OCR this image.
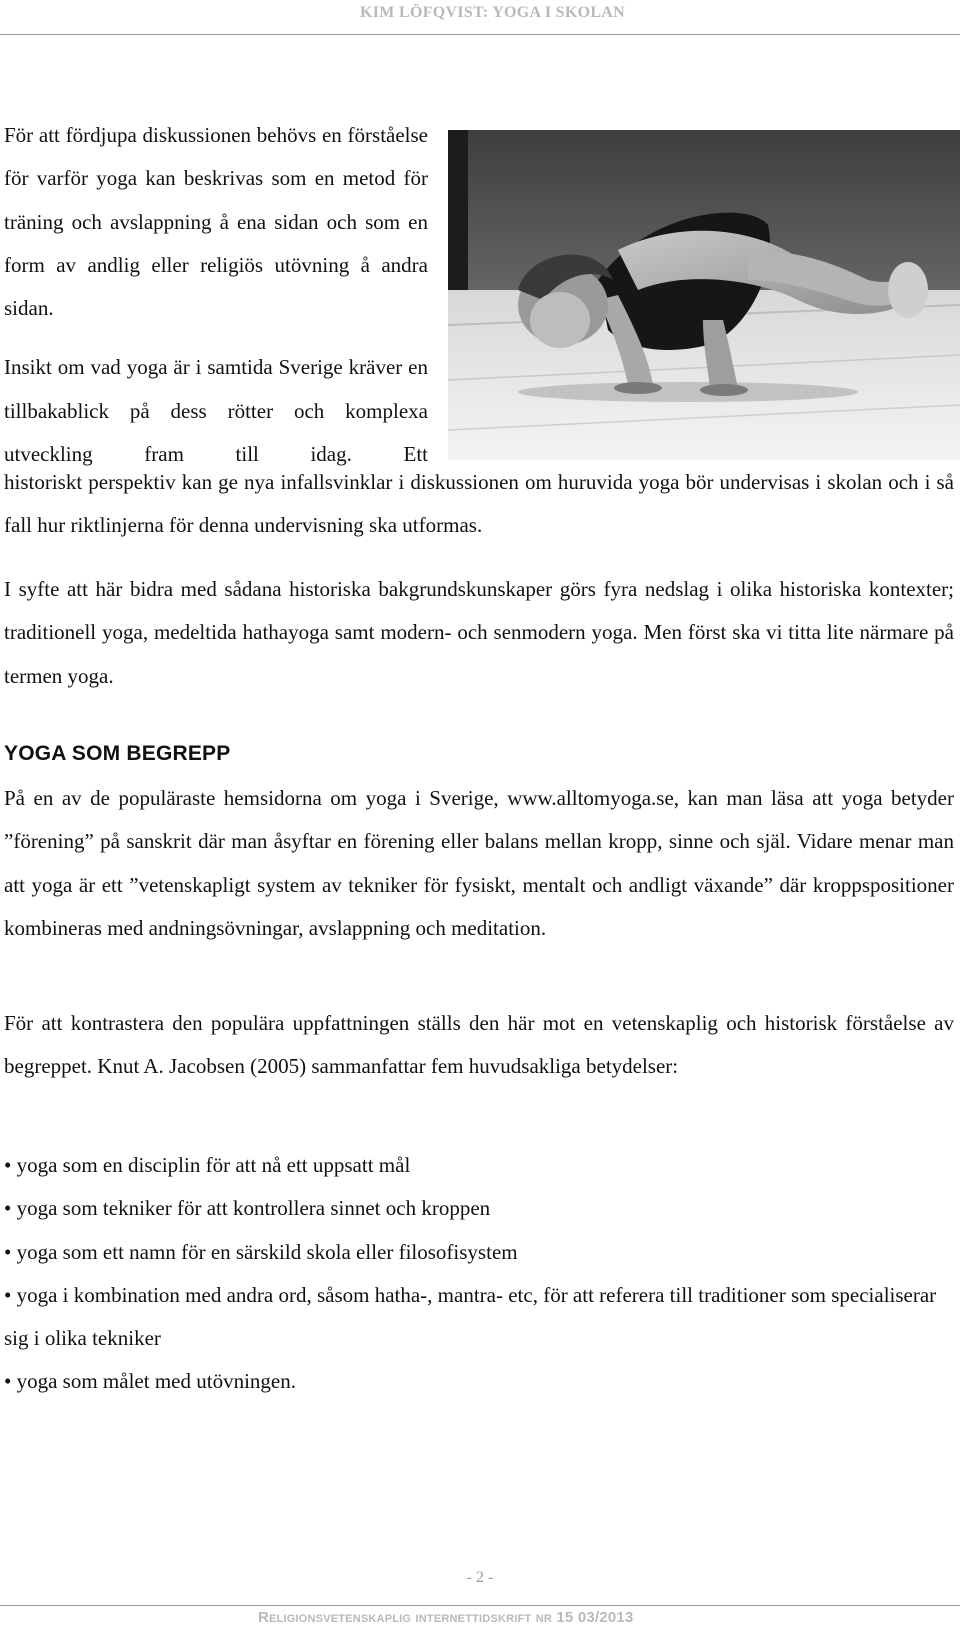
KIM LÖFQVIST: YOGA I SKOLAN

För att fördjupa diskussionen behövs en förståelse för varför yoga kan beskrivas som en metod för träning och avslappning å ena sidan och som en form av andlig eller religiös utövning å andra sidan.

Insikt om vad yoga är i samtida Sverige kräver en tillbakablick på dess rötter och komplexa utveckling fram till idag. Ett

historiskt perspektiv kan ge nya infallsvinklar i diskussionen om huruvida yoga bör undervisas i skolan och i så fall hur riktlinjerna för denna undervisning ska utformas.

I syfte att här bidra med sådana historiska bakgrundskunskaper görs fyra nedslag i olika historiska kontexter; traditionell yoga, medeltida hathayoga samt modern- och senmodern yoga. Men först ska vi titta lite närmare på termen yoga.

YOGA SOM BEGREPP

På en av de populäraste hemsidorna om yoga i Sverige, www.alltomyoga.se, kan man läsa att yoga betyder ”förening” på sanskrit där man åsyftar en förening eller balans mellan kropp, sinne och själ. Vidare menar man att yoga är ett ”vetenskapligt system av tekniker för fysiskt, mentalt och andligt växande” där kroppspositioner kombineras med andningsövningar, avslappning och meditation.

För att kontrastera den populära uppfattningen ställs den här mot en vetenskaplig och historisk förståelse av begreppet. Knut A. Jacobsen (2005) sammanfattar fem huvudsakliga betydelser:

• yoga som en disciplin för att nå ett uppsatt mål
• yoga som tekniker för att kontrollera sinnet och kroppen
• yoga som ett namn för en särskild skola eller filosofisystem
• yoga i kombination med andra ord, såsom hatha-, mantra- etc, för att referera till traditioner som specialiserar sig i olika tekniker
• yoga som målet med utövningen.
- 2 -
Religionsvetenskaplig internettidskrift nr 15 03/2013
